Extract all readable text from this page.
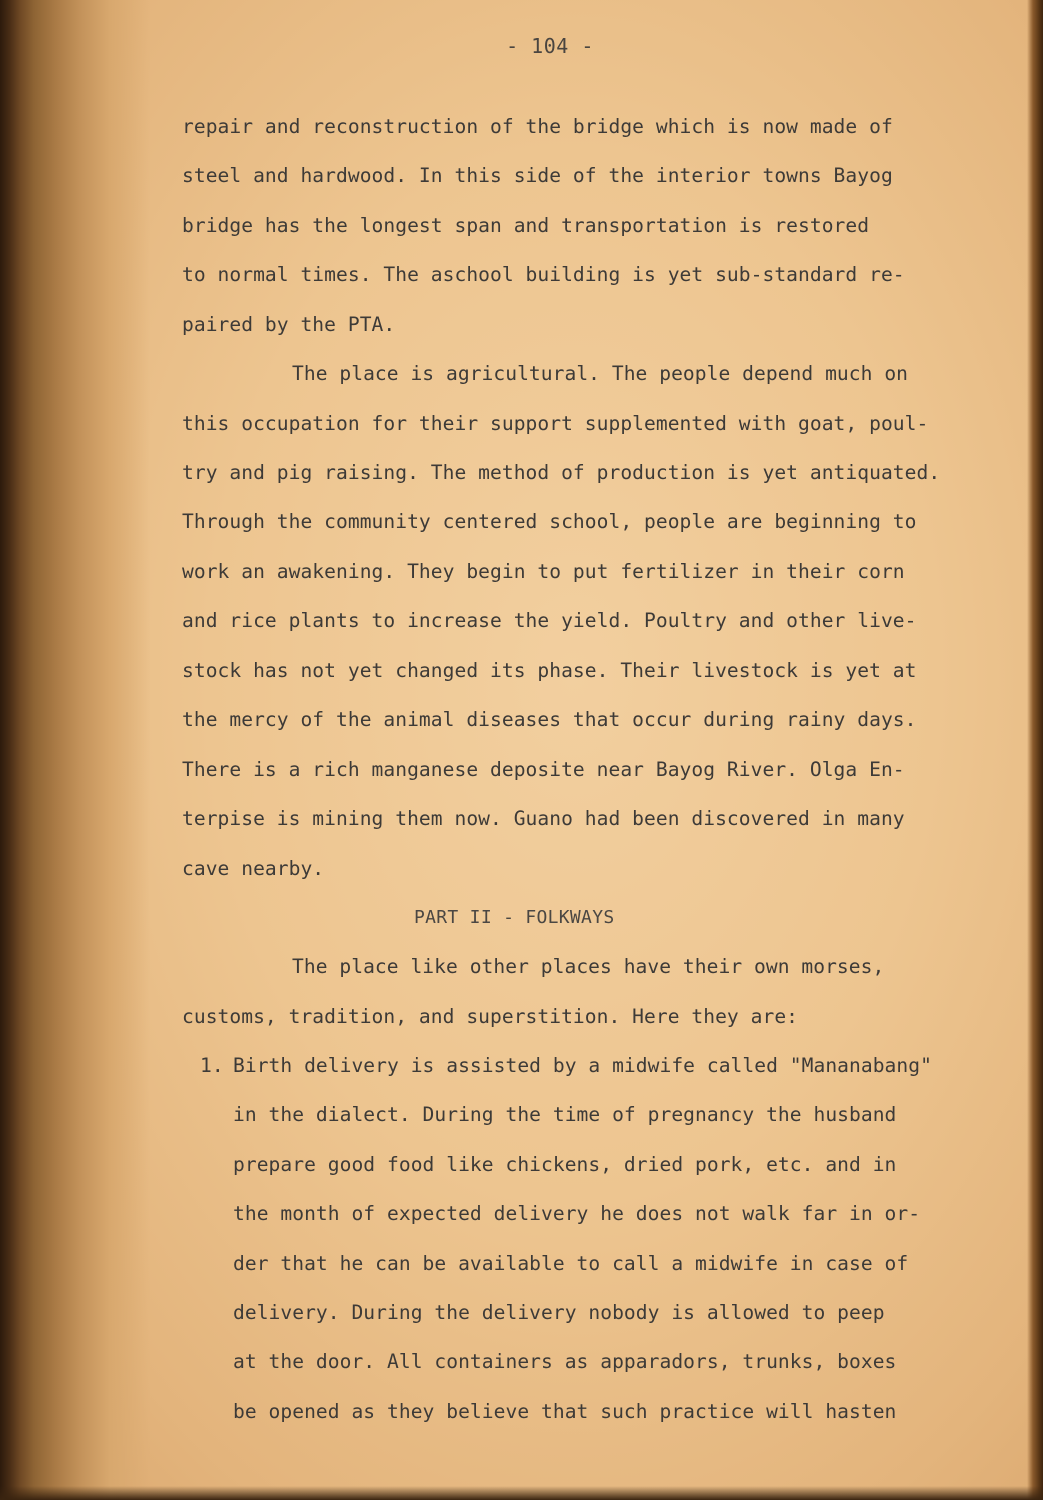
- 104 -
repair and reconstruction of the bridge which is now made of
steel and hardwood. In this side of the interior towns Bayog
bridge has the longest span and transportation is restored
to normal times. The aschool building is yet sub-standard re-
paired by the PTA.
The place is agricultural. The people depend much on
this occupation for their support supplemented with goat, poul-
try and pig raising. The method of production is yet antiquated.
Through the community centered school, people are beginning to
work an awakening. They begin to put fertilizer in their corn
and rice plants to increase the yield. Poultry and other live-
stock has not yet changed its phase. Their livestock is yet at
the mercy of the animal diseases that occur during rainy days.
There is a rich manganese deposite near Bayog River. Olga En-
terpise is mining them now. Guano had been discovered in many
cave nearby.
PART II - FOLKWAYS
The place like other places have their own morses,
customs, tradition, and superstition. Here they are:
1. Birth delivery is assisted by a midwife called "Mananabang"
in the dialect. During the time of pregnancy the husband
prepare good food like chickens, dried pork, etc. and in
the month of expected delivery he does not walk far in or-
der that he can be available to call a midwife in case of
delivery. During the delivery nobody is allowed to peep
at the door. All containers as apparadors, trunks, boxes
be opened as they believe that such practice will hasten
